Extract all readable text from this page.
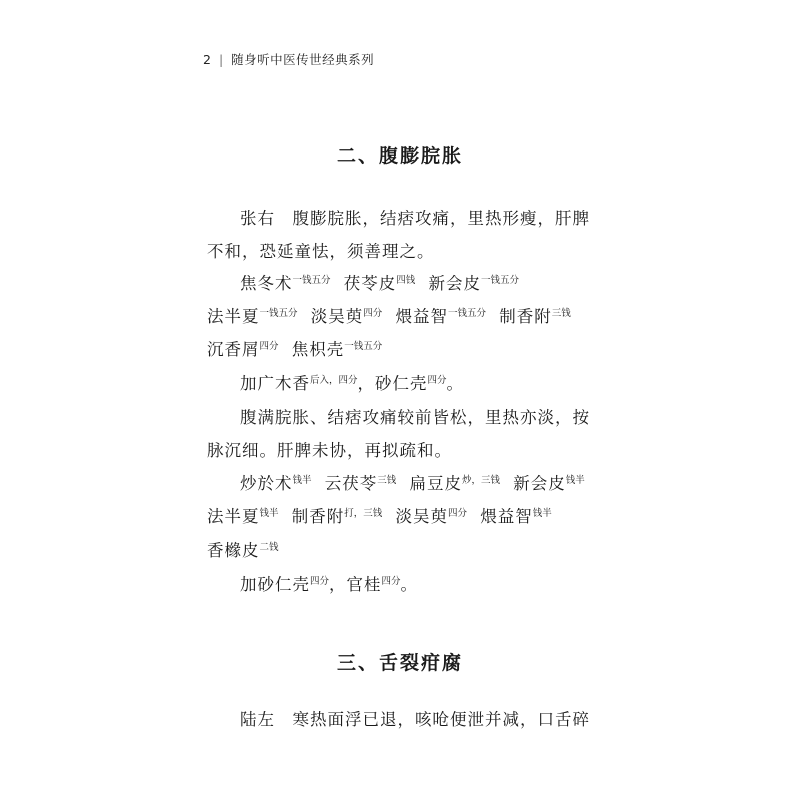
2 | 随身听中医传世经典系列
二、腹膨脘胀
张右　腹膨脘胀，结痞攻痛，里热形瘦，肝脾
不和，恐延童怯，须善理之。
焦冬术$^{一钱五分}$ 茯苓皮$^{四钱}$ 新会皮$^{一钱五分}$
法半夏$^{一钱五分}$ 淡吴萸$^{四分}$ 煨益智$^{一钱五分}$ 制香附$^{三钱}$
沉香屑$^{四分}$ 焦枳壳$^{一钱五分}$
加广木香$^{后入,四分}$，砂仁壳$^{四分}$。
腹满脘胀、结痞攻痛较前皆松，里热亦淡，按
脉沉细。肝脾未协，再拟疏和。
炒於术$^{钱半}$ 云茯苓$^{三钱}$ 扁豆皮$^{炒,三钱}$ 新会皮$^{钱半}$
法半夏$^{钱半}$ 制香附$^{打,三钱}$ 淡吴萸$^{四分}$ 煨益智$^{钱半}$
香橼皮$^{二钱}$
加砂仁壳$^{四分}$，官桂$^{四分}$。
三、舌裂疳腐
陆左　寒热面浮已退，咳呛便泄并减，口舌碎
